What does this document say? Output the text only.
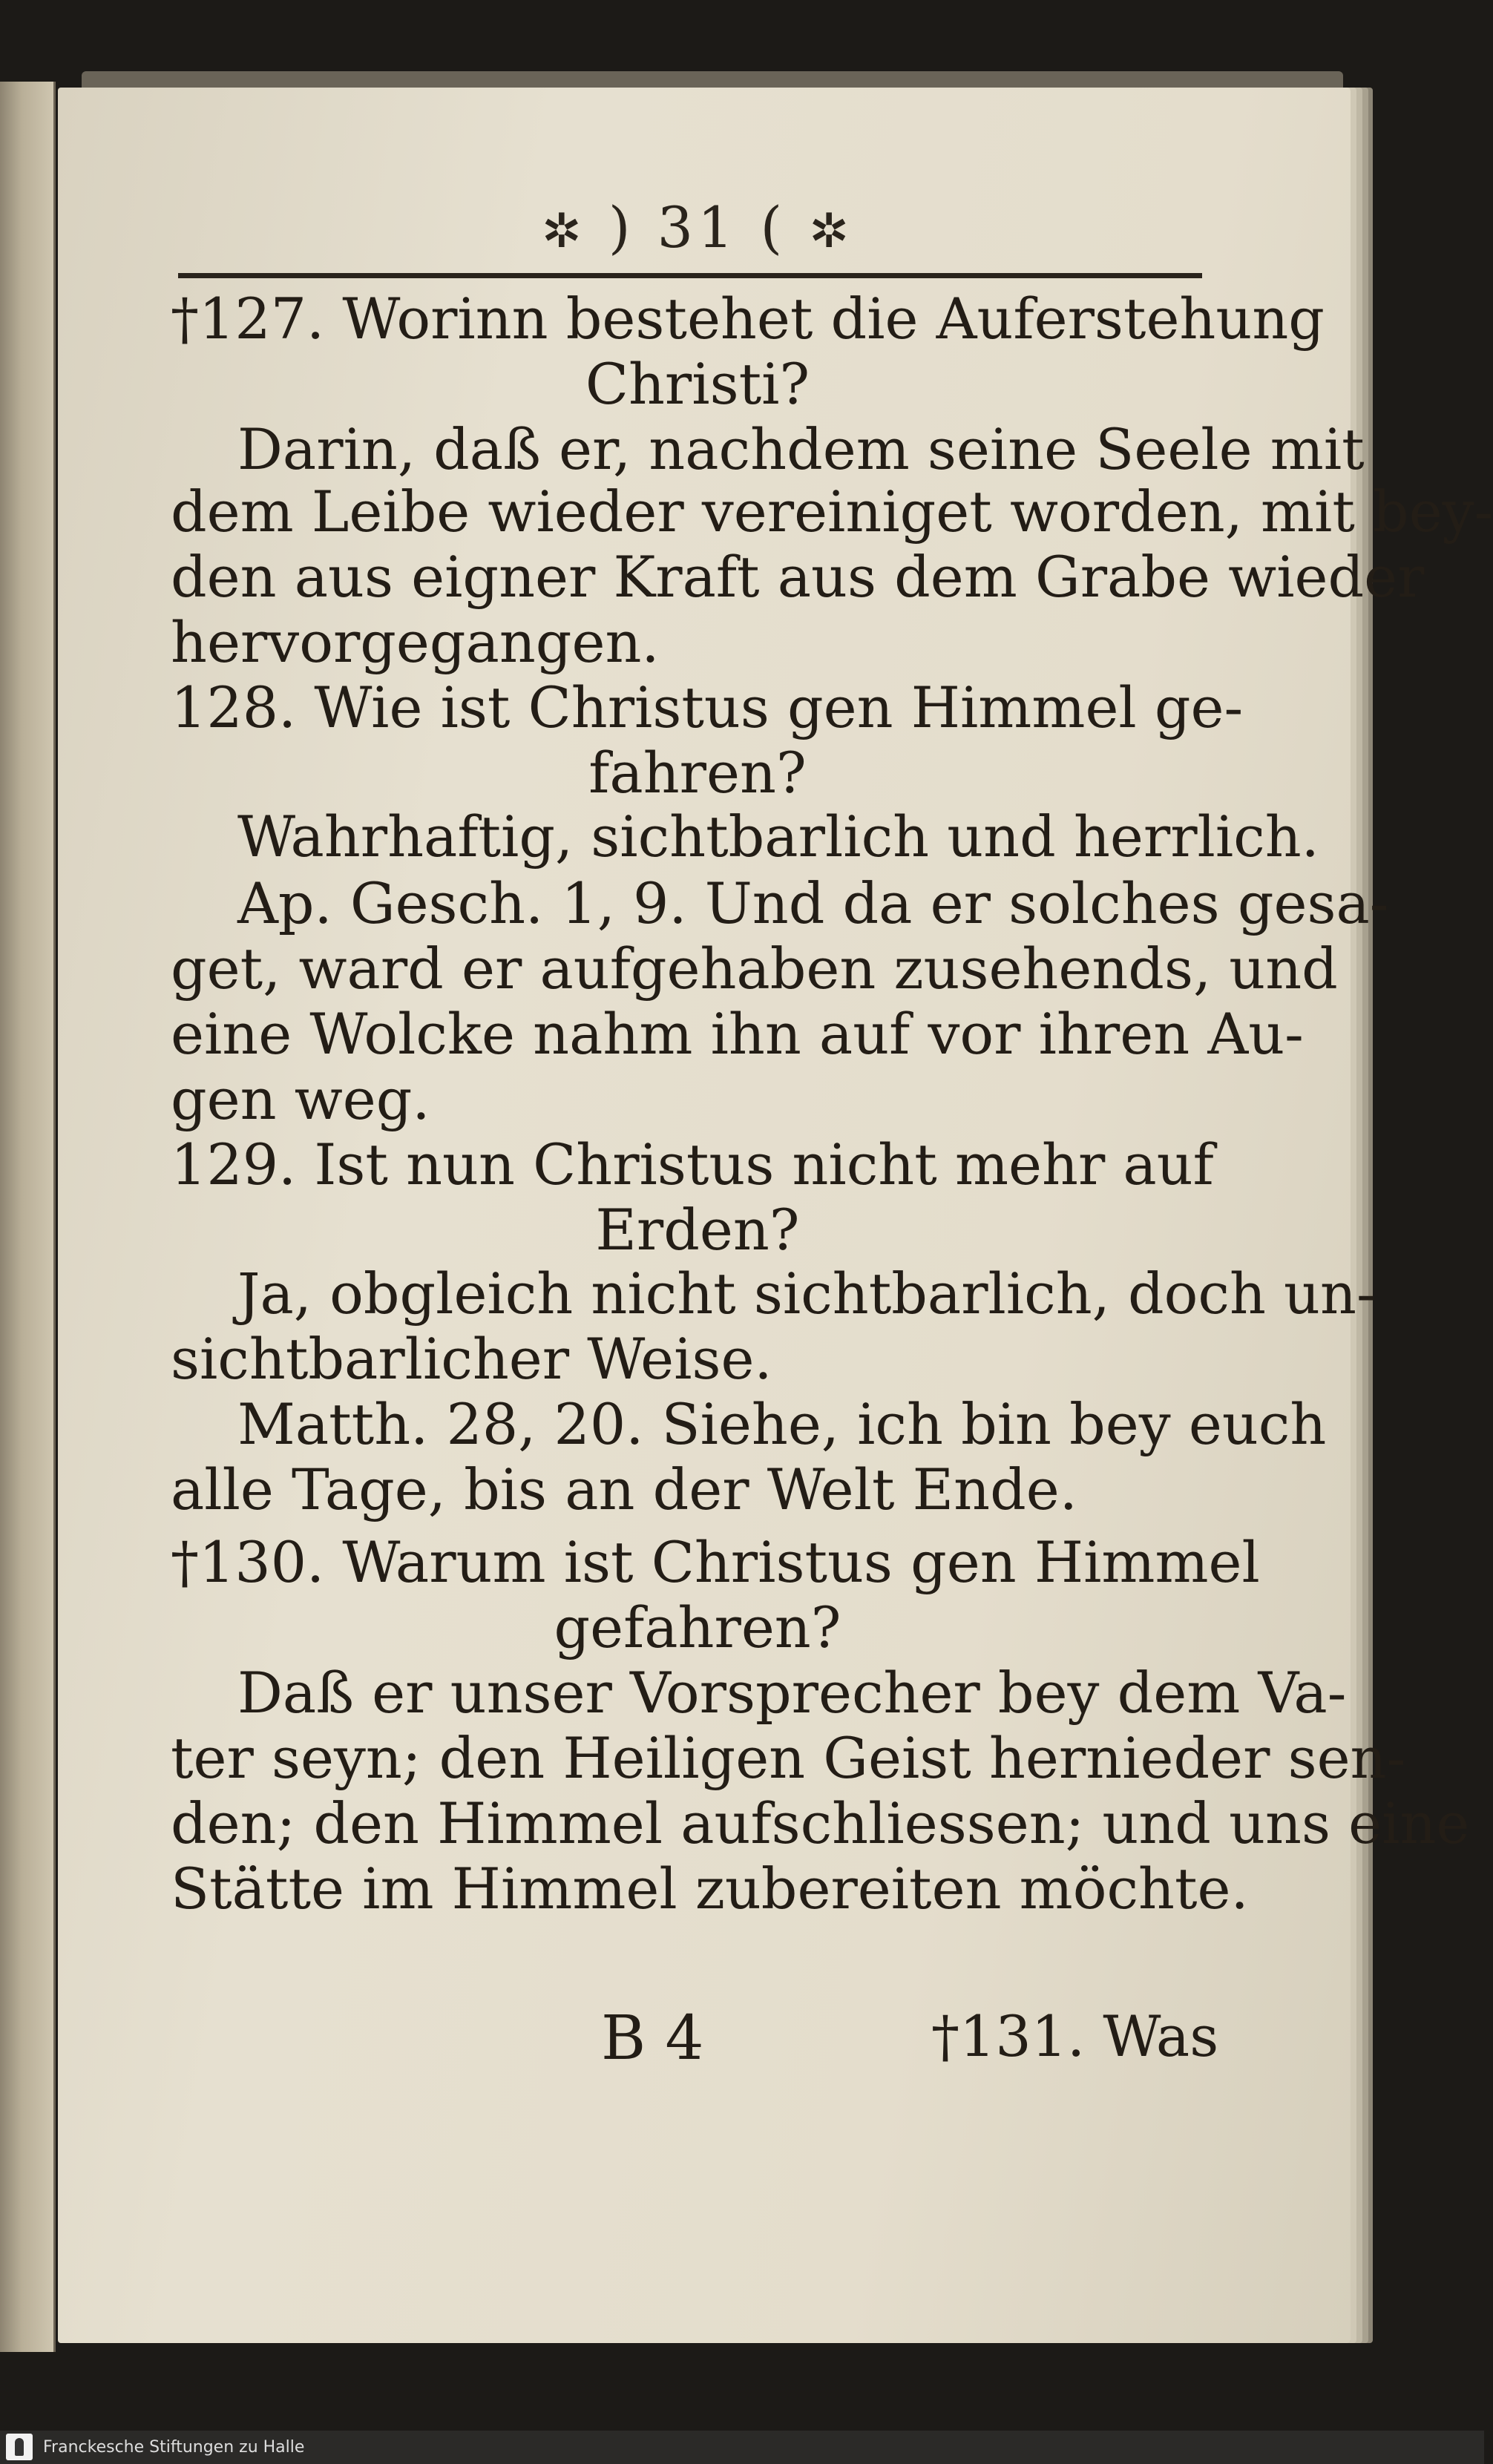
✲ ) 31 ( ✲
†127. Worinn bestehet die Auferstehung
Christi?
Darin, daß er, nachdem seine Seele mit
dem Leibe wieder vereiniget worden, mit bey-
den aus eigner Kraft aus dem Grabe wieder
hervorgegangen.
128. Wie ist Christus gen Himmel ge-
fahren?
Wahrhaftig, sichtbarlich und herrlich.
Ap. Gesch. 1, 9. Und da er solches gesa-
get, ward er aufgehaben zusehends, und
eine Wolcke nahm ihn auf vor ihren Au-
gen weg.
129. Ist nun Christus nicht mehr auf
Erden?
Ja, obgleich nicht sichtbarlich, doch un-
sichtbarlicher Weise.
Matth. 28, 20. Siehe, ich bin bey euch
alle Tage, bis an der Welt Ende.
†130. Warum ist Christus gen Himmel
gefahren?
Daß er unser Vorsprecher bey dem Va-
ter seyn; den Heiligen Geist hernieder sen-
den; den Himmel aufschliessen; und uns eine
Stätte im Himmel zubereiten möchte.
B 4	†131. Was
Franckesche Stiftungen zu Halle
